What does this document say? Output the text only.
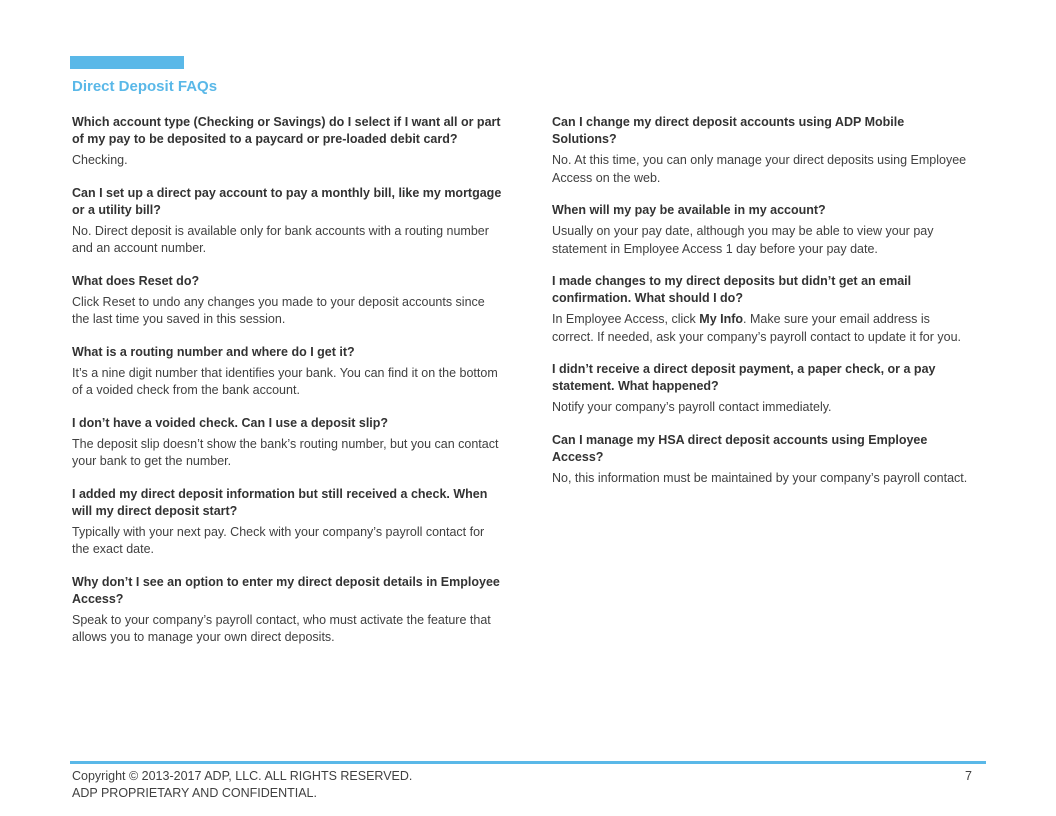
Direct Deposit FAQs

Which account type (Checking or Savings) do I select if I want all or part of my pay to be deposited to a paycard or pre-loaded debit card?

Checking.

Can I set up a direct pay account to pay a monthly bill, like my mortgage or a utility bill?

No. Direct deposit is available only for bank accounts with a routing number and an account number.

What does Reset do?

Click Reset to undo any changes you made to your deposit accounts since the last time you saved in this session.

What is a routing number and where do I get it?

It’s a nine digit number that identifies your bank. You can find it on the bottom of a voided check from the bank account.

I don’t have a voided check. Can I use a deposit slip?

The deposit slip doesn’t show the bank’s routing number, but you can contact your bank to get the number.

I added my direct deposit information but still received a check. When will my direct deposit start?

Typically with your next pay. Check with your company’s payroll contact for the exact date.

Why don’t I see an option to enter my direct deposit details in Employee Access?

Speak to your company’s payroll contact, who must activate the feature that allows you to manage your own direct deposits.

Can I change my direct deposit accounts using ADP Mobile Solutions?

No. At this time, you can only manage your direct deposits using Employee Access on the web.

When will my pay be available in my account?

Usually on your pay date, although you may be able to view your pay statement in Employee Access 1 day before your pay date.

I made changes to my direct deposits but didn’t get an email confirmation. What should I do?

In Employee Access, click My Info. Make sure your email address is correct. If needed, ask your company’s payroll contact to update it for you.

I didn’t receive a direct deposit payment, a paper check, or a pay statement. What happened?

Notify your company’s payroll contact immediately.

Can I manage my HSA direct deposit accounts using Employee Access?

No, this information must be maintained by your company’s payroll contact.

Copyright © 2013-2017 ADP, LLC. ALL RIGHTS RESERVED.
ADP PROPRIETARY AND CONFIDENTIAL.
7
